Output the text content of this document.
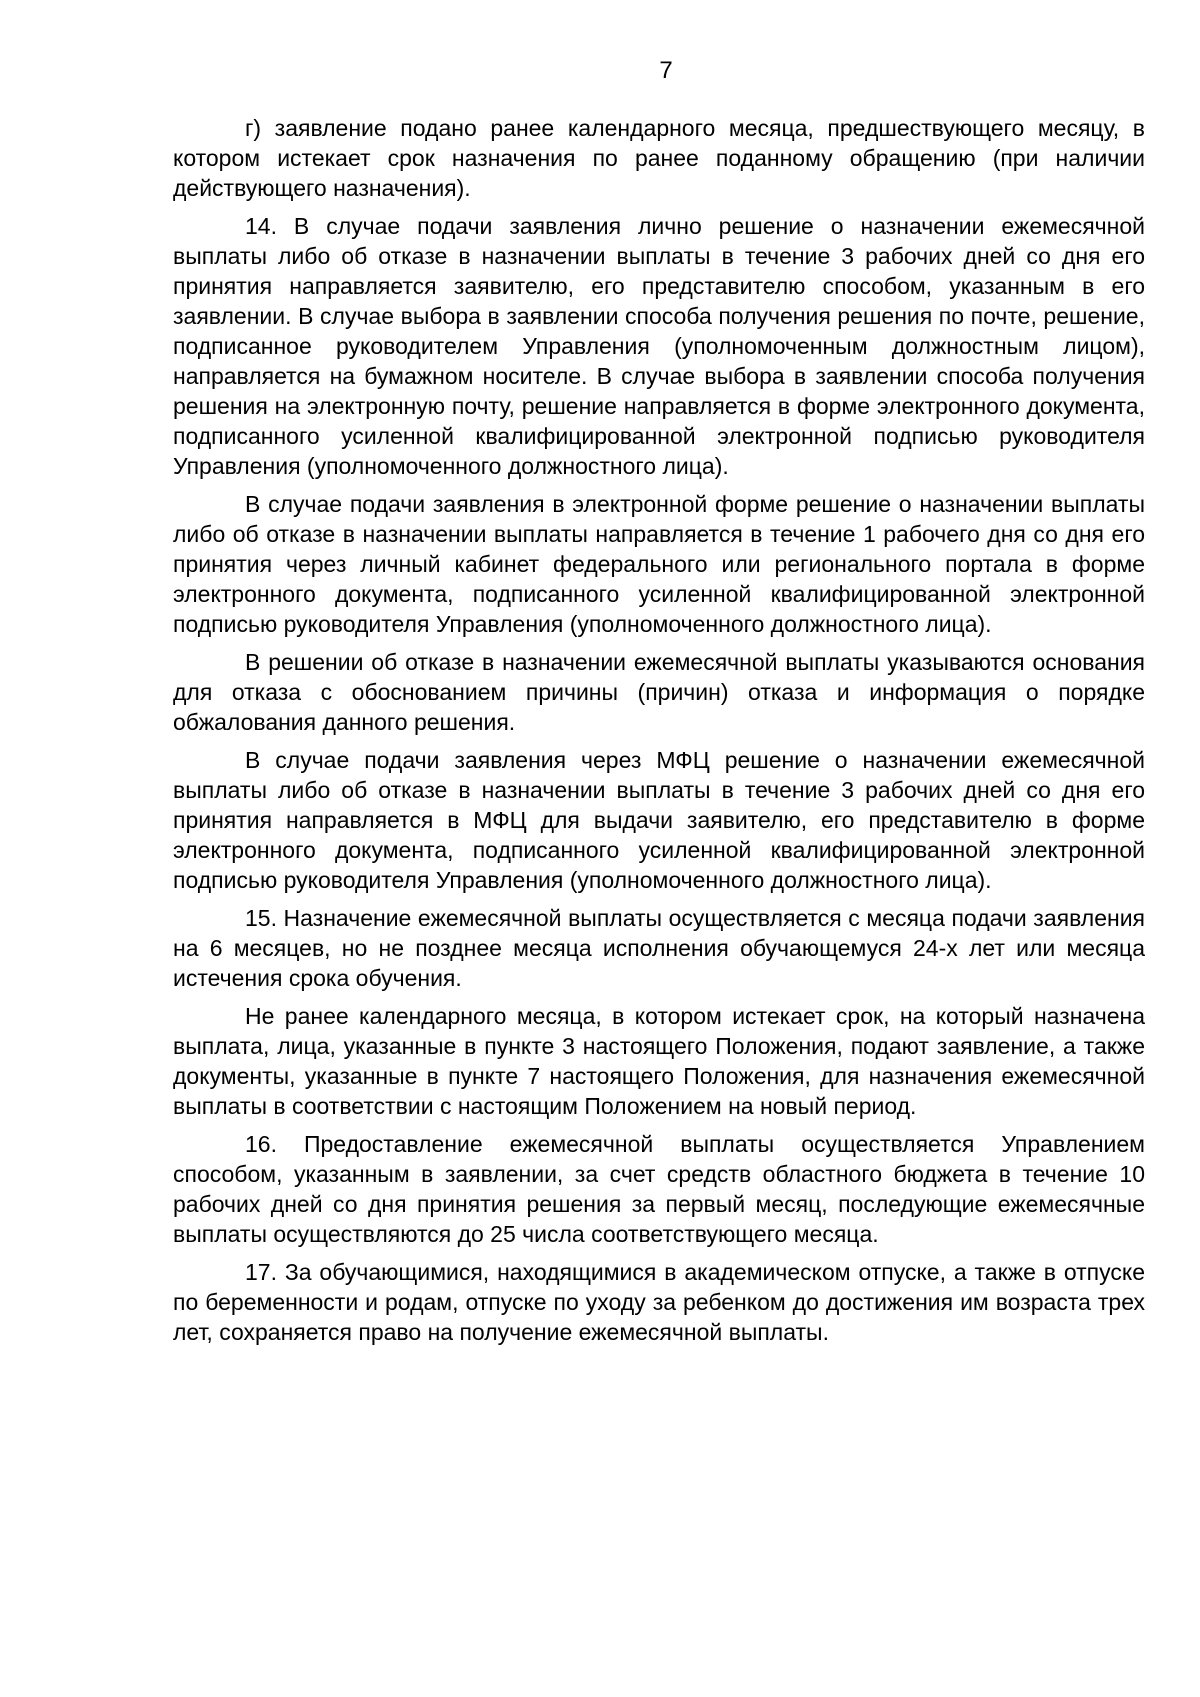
7

г) заявление подано ранее календарного месяца, предшествующего месяцу, в котором истекает срок назначения по ранее поданному обращению (при наличии действующего назначения).

14. В случае подачи заявления лично решение о назначении ежемесячной выплаты либо об отказе в назначении выплаты в течение 3 рабочих дней со дня его принятия направляется заявителю, его представителю способом, указанным в его заявлении. В случае выбора в заявлении способа получения решения по почте, решение, подписанное руководителем Управления (уполномоченным должностным лицом), направляется на бумажном носителе. В случае выбора в заявлении способа получения решения на электронную почту, решение направляется в форме электронного документа, подписанного усиленной квалифицированной электронной подписью руководителя Управления (уполномоченного должностного лица).

В случае подачи заявления в электронной форме решение о назначении выплаты либо об отказе в назначении выплаты направляется в течение 1 рабочего дня со дня его принятия через личный кабинет федерального или регионального портала в форме электронного документа, подписанного усиленной квалифицированной электронной подписью руководителя Управления (уполномоченного должностного лица).

В решении об отказе в назначении ежемесячной выплаты указываются основания для отказа с обоснованием причины (причин) отказа и информация о порядке обжалования данного решения.

В случае подачи заявления через МФЦ решение о назначении ежемесячной выплаты либо об отказе в назначении выплаты в течение 3 рабочих дней со дня его принятия направляется в МФЦ для выдачи заявителю, его представителю в форме электронного документа, подписанного усиленной квалифицированной электронной подписью руководителя Управления (уполномоченного должностного лица).

15. Назначение ежемесячной выплаты осуществляется с месяца подачи заявления на 6 месяцев, но не позднее месяца исполнения обучающемуся 24-х лет или месяца истечения срока обучения.

Не ранее календарного месяца, в котором истекает срок, на который назначена выплата, лица, указанные в пункте 3 настоящего Положения, подают заявление, а также документы, указанные в пункте 7 настоящего Положения, для назначения ежемесячной выплаты в соответствии с настоящим Положением на новый период.

16. Предоставление ежемесячной выплаты осуществляется Управлением способом, указанным в заявлении, за счет средств областного бюджета в течение 10 рабочих дней со дня принятия решения за первый месяц, последующие ежемесячные выплаты осуществляются до 25 числа соответствующего месяца.

17. За обучающимися, находящимися в академическом отпуске, а также в отпуске по беременности и родам, отпуске по уходу за ребенком до достижения им возраста трех лет, сохраняется право на получение ежемесячной выплаты.
